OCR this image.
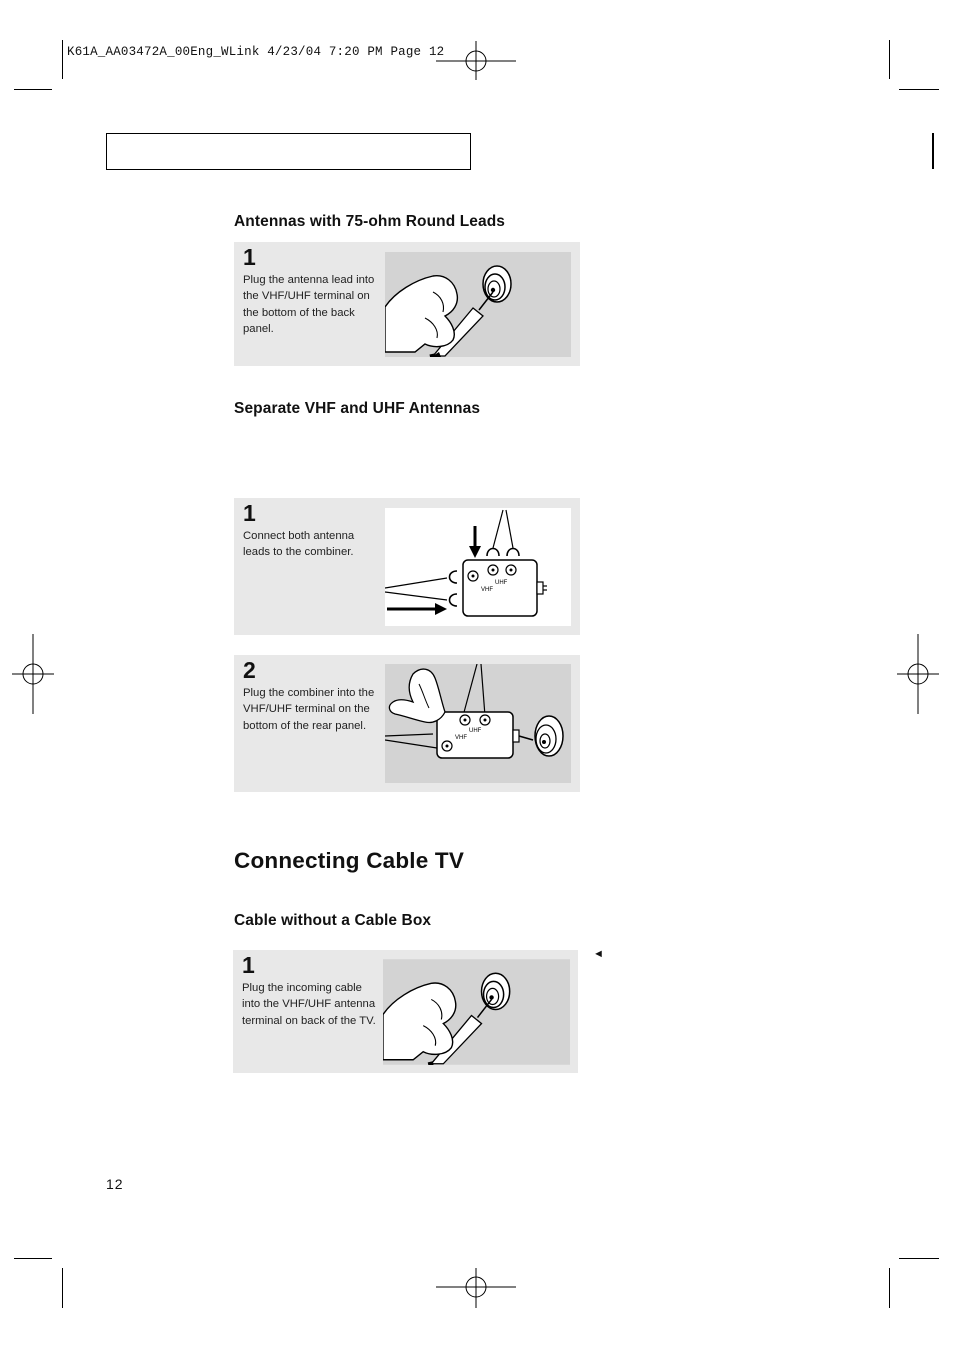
K61A_AA03472A_00Eng_WLink 4/23/04 7:20 PM Page 12
Antennas with 75-ohm Round Leads
1
Plug the antenna lead into
the VHF/UHF terminal on
the bottom of the back
panel.
Separate VHF and UHF Antennas
1
Connect both antenna
leads to the combiner.
VHF
UHF
2
Plug the combiner into the
VHF/UHF terminal on the
bottom of the rear panel.
VHF
UHF
Connecting Cable TV
Cable without a Cable Box
1
Plug the incoming cable
into the VHF/UHF antenna
terminal on back of the TV.
◄
12
